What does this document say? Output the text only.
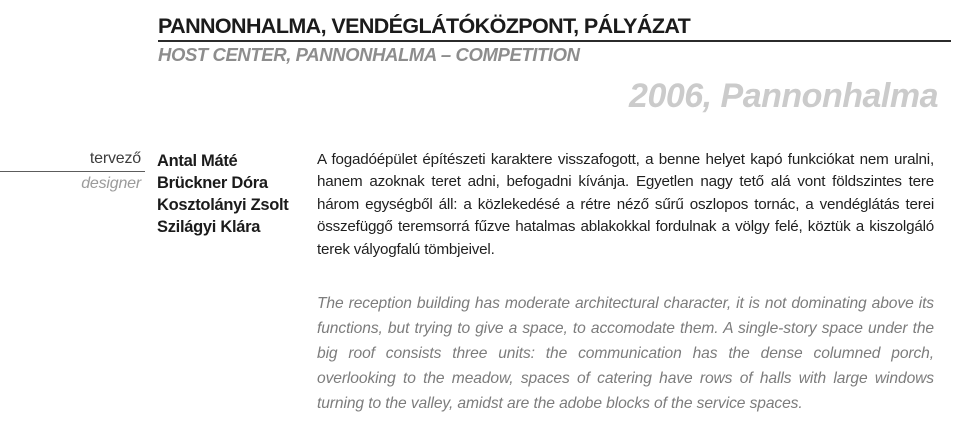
PANNONHALMA, VENDÉGLÁTÓKÖZPONT, PÁLYÁZAT
HOST CENTER, PANNONHALMA – COMPETITION
2006, Pannonhalma
tervező
designer
Antal Máté
Brückner Dóra
Kosztolányi Zsolt
Szilágyi Klára
A fogadóépület építészeti karaktere visszafogott, a benne helyet kapó funkciókat nem uralni, hanem azoknak teret adni, befogadni kívánja. Egyetlen nagy tető alá vont földszintes tere három egységből áll: a közlekedésé a rétre néző sűrű oszlopos tornác, a vendéglátás terei összefüggő teremsorrá fűzve hatalmas ablakokkal fordulnak a völgy felé, köztük a kiszolgáló terek vályogfalú tömbjeivel.
The reception building has moderate architectural character, it is not dominating above its functions, but trying to give a space, to accomodate them. A single-story space under the big roof consists three units: the communication has the dense columned porch, overlooking to the meadow, spaces of catering have rows of halls with large windows turning to the valley, amidst are the adobe blocks of the service spaces.
